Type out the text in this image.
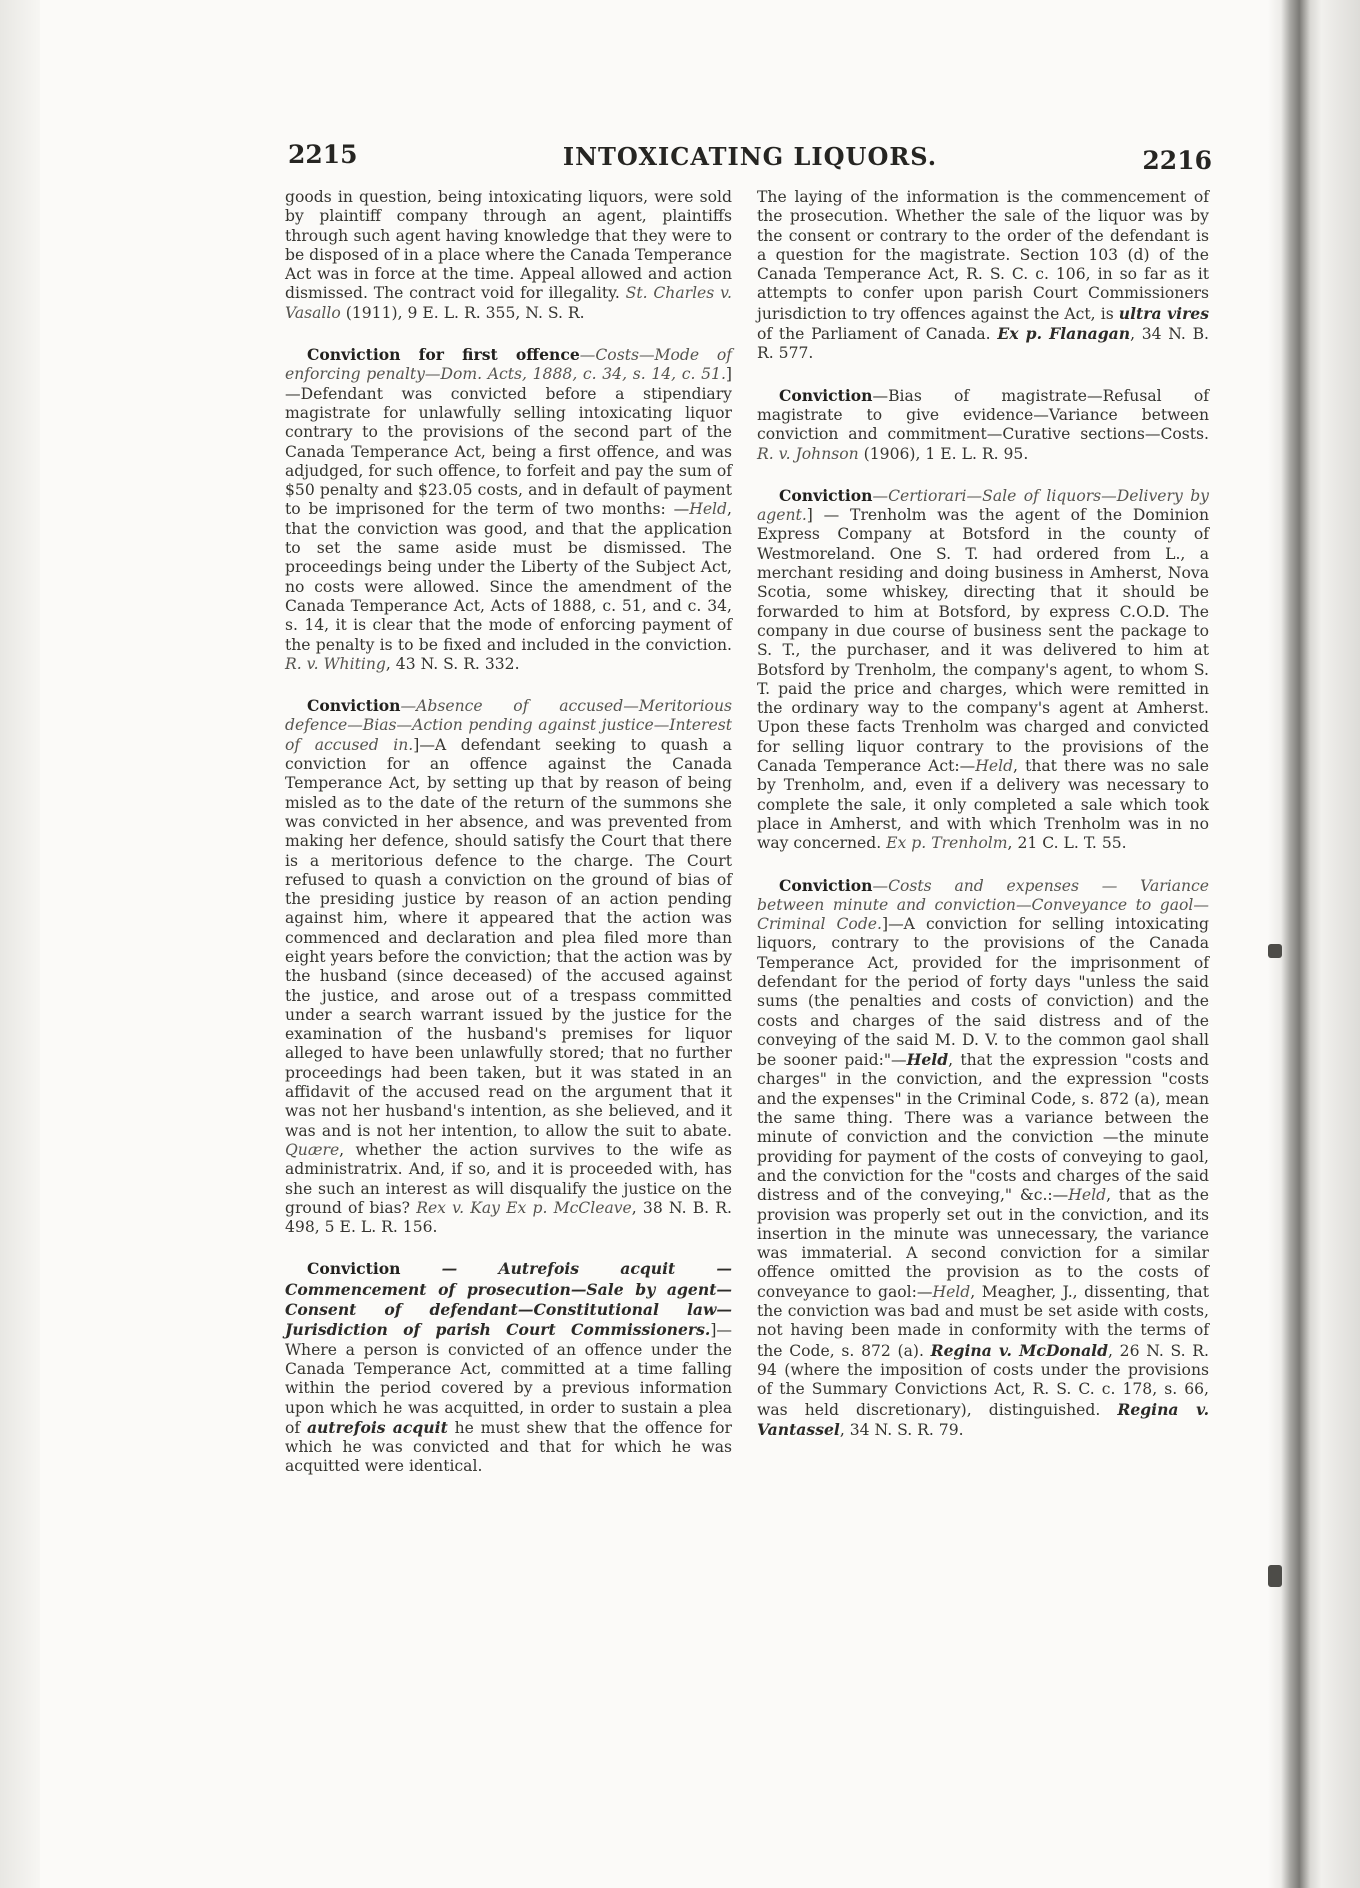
2215	INTOXICATING LIQUORS.	2216

goods in question, being intoxicating liquors, were sold by plaintiff company through an agent, plaintiffs through such agent having knowledge that they were to be disposed of in a place where the Canada Temperance Act was in force at the time. Appeal allowed and action dismissed. The contract void for illegality. St. Charles v. Vasallo (1911), 9 E. L. R. 355, N. S. R.

Conviction for first offence—Costs—Mode of enforcing penalty—Dom. Acts, 1888, c. 34, s. 14, c. 51.]—Defendant was convicted before a stipendiary magistrate for unlawfully selling intoxicating liquor contrary to the provisions of the second part of the Canada Temperance Act, being a first offence, and was adjudged, for such offence, to forfeit and pay the sum of $50 penalty and $23.05 costs, and in default of payment to be imprisoned for the term of two months: —Held, that the conviction was good, and that the application to set the same aside must be dismissed. The proceedings being under the Liberty of the Subject Act, no costs were allowed. Since the amendment of the Canada Temperance Act, Acts of 1888, c. 51, and c. 34, s. 14, it is clear that the mode of enforcing payment of the penalty is to be fixed and included in the conviction. R. v. Whiting, 43 N. S. R. 332.

Conviction—Absence of accused—Meritorious defence—Bias—Action pending against justice—Interest of accused in.]—A defendant seeking to quash a conviction for an offence against the Canada Temperance Act, by setting up that by reason of being misled as to the date of the return of the summons she was convicted in her absence, and was prevented from making her defence, should satisfy the Court that there is a meritorious defence to the charge. The Court refused to quash a conviction on the ground of bias of the presiding justice by reason of an action pending against him, where it appeared that the action was commenced and declaration and plea filed more than eight years before the conviction; that the action was by the husband (since deceased) of the accused against the justice, and arose out of a trespass committed under a search warrant issued by the justice for the examination of the husband's premises for liquor alleged to have been unlawfully stored; that no further proceedings had been taken, but it was stated in an affidavit of the accused read on the argument that it was not her husband's intention, as she believed, and it was and is not her intention, to allow the suit to abate. Quære, whether the action survives to the wife as administratrix. And, if so, and it is proceeded with, has she such an interest as will disqualify the justice on the ground of bias? Rex v. Kay Ex p. McCleave, 38 N. B. R. 498, 5 E. L. R. 156.

Conviction — Autrefois acquit — Commencement of prosecution—Sale by agent—Consent of defendant—Constitutional law—Jurisdiction of parish Court Commissioners.]—Where a person is convicted of an offence under the Canada Temperance Act, committed at a time falling within the period covered by a previous information upon which he was acquitted, in order to sustain a plea of autrefois acquit he must shew that the offence for which he was convicted and that for which he was acquitted were identical.

The laying of the information is the commencement of the prosecution. Whether the sale of the liquor was by the consent or contrary to the order of the defendant is a question for the magistrate. Section 103 (d) of the Canada Temperance Act, R. S. C. c. 106, in so far as it attempts to confer upon parish Court Commissioners jurisdiction to try offences against the Act, is ultra vires of the Parliament of Canada. Ex p. Flanagan, 34 N. B. R. 577.

Conviction—Bias of magistrate—Refusal of magistrate to give evidence—Variance between conviction and commitment—Curative sections—Costs. R. v. Johnson (1906), 1 E. L. R. 95.

Conviction—Certiorari—Sale of liquors—Delivery by agent.] — Trenholm was the agent of the Dominion Express Company at Botsford in the county of Westmoreland. One S. T. had ordered from L., a merchant residing and doing business in Amherst, Nova Scotia, some whiskey, directing that it should be forwarded to him at Botsford, by express C.O.D. The company in due course of business sent the package to S. T., the purchaser, and it was delivered to him at Botsford by Trenholm, the company's agent, to whom S. T. paid the price and charges, which were remitted in the ordinary way to the company's agent at Amherst. Upon these facts Trenholm was charged and convicted for selling liquor contrary to the provisions of the Canada Temperance Act:—Held, that there was no sale by Trenholm, and, even if a delivery was necessary to complete the sale, it only completed a sale which took place in Amherst, and with which Trenholm was in no way concerned. Ex p. Trenholm, 21 C. L. T. 55.

Conviction—Costs and expenses — Variance between minute and conviction—Conveyance to gaol—Criminal Code.]—A conviction for selling intoxicating liquors, contrary to the provisions of the Canada Temperance Act, provided for the imprisonment of defendant for the period of forty days "unless the said sums (the penalties and costs of conviction) and the costs and charges of the said distress and of the conveying of the said M. D. V. to the common gaol shall be sooner paid:"—Held, that the expression "costs and charges" in the conviction, and the expression "costs and the expenses" in the Criminal Code, s. 872 (a), mean the same thing. There was a variance between the minute of conviction and the conviction —the minute providing for payment of the costs of conveying to gaol, and the conviction for the "costs and charges of the said distress and of the conveying," &c.:—Held, that as the provision was properly set out in the conviction, and its insertion in the minute was unnecessary, the variance was immaterial. A second conviction for a similar offence omitted the provision as to the costs of conveyance to gaol:—Held, Meagher, J., dissenting, that the conviction was bad and must be set aside with costs, not having been made in conformity with the terms of the Code, s. 872 (a). Regina v. McDonald, 26 N. S. R. 94 (where the imposition of costs under the provisions of the Summary Convictions Act, R. S. C. c. 178, s. 66, was held discretionary), distinguished. Regina v. Vantassel, 34 N. S. R. 79.
